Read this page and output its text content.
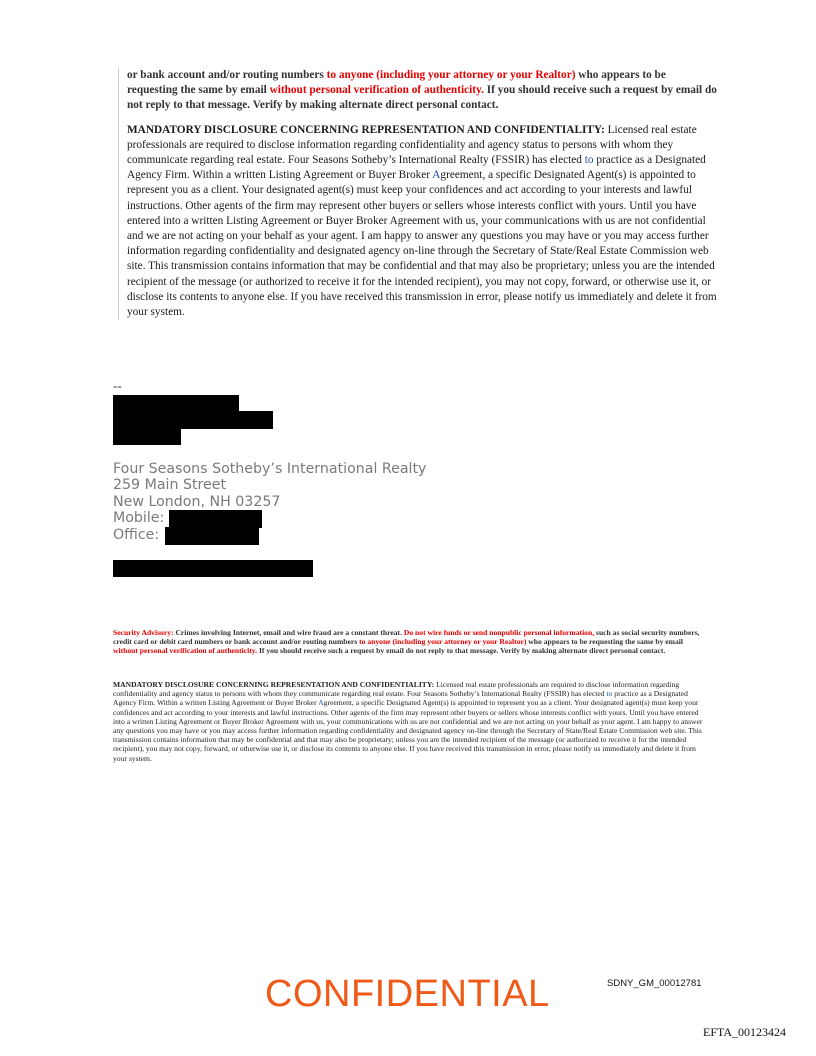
or bank account and/or routing numbers to anyone (including your attorney or your Realtor) who appears to be requesting the same by email without personal verification of authenticity. If you should receive such a request by email do not reply to that message. Verify by making alternate direct personal contact.

MANDATORY DISCLOSURE CONCERNING REPRESENTATION AND CONFIDENTIALITY: Licensed real estate professionals are required to disclose information regarding confidentiality and agency status to persons with whom they communicate regarding real estate. Four Seasons Sotheby’s International Realty (FSSIR) has elected to practice as a Designated Agency Firm. Within a written Listing Agreement or Buyer Broker Agreement, a specific Designated Agent(s) is appointed to represent you as a client. Your designated agent(s) must keep your confidences and act according to your interests and lawful instructions. Other agents of the firm may represent other buyers or sellers whose interests conflict with yours. Until you have entered into a written Listing Agreement or Buyer Broker Agreement with us, your communications with us are not confidential and we are not acting on your behalf as your agent. I am happy to answer any questions you may have or you may access further information regarding confidentiality and designated agency on-line through the Secretary of State/Real Estate Commission web site. This transmission contains information that may be confidential and that may also be proprietary; unless you are the intended recipient of the message (or authorized to receive it for the intended recipient), you may not copy, forward, or otherwise use it, or disclose its contents to anyone else. If you have received this transmission in error, please notify us immediately and delete it from your system.

--
Four Seasons Sotheby’s International Realty
259 Main Street
New London, NH 03257
Mobile:
Office:

Security Advisory: Crimes involving Internet, email and wire fraud are a constant threat. Do not wire funds or send nonpublic personal information, such as social security numbers, credit card or debit card numbers or bank account and/or routing numbers to anyone (including your attorney or your Realtor) who appears to be requesting the same by email without personal verification of authenticity. If you should receive such a request by email do not reply to that message. Verify by making alternate direct personal contact.

MANDATORY DISCLOSURE CONCERNING REPRESENTATION AND CONFIDENTIALITY: Licensed real estate professionals are required to disclose information regarding confidentiality and agency status to persons with whom they communicate regarding real estate. Four Seasons Sotheby’s International Realty (FSSIR) has elected to practice as a Designated Agency Firm. Within a written Listing Agreement or Buyer Broker Agreement, a specific Designated Agent(s) is appointed to represent you as a client. Your designated agent(s) must keep your confidences and act according to your interests and lawful instructions. Other agents of the firm may represent other buyers or sellers whose interests conflict with yours. Until you have entered into a written Listing Agreement or Buyer Broker Agreement with us, your communications with us are not confidential and we are not acting on your behalf as your agent. I am happy to answer any questions you may have or you may access further information regarding confidentiality and designated agency on-line through the Secretary of State/Real Estate Commission web site. This transmission contains information that may be confidential and that may also be proprietary; unless you are the intended recipient of the message (or authorized to receive it for the intended recipient), you may not copy, forward, or otherwise use it, or disclose its contents to anyone else. If you have received this transmission in error, please notify us immediately and delete it from your system.

CONFIDENTIAL	SDNY_GM_00012781
EFTA_00123424
